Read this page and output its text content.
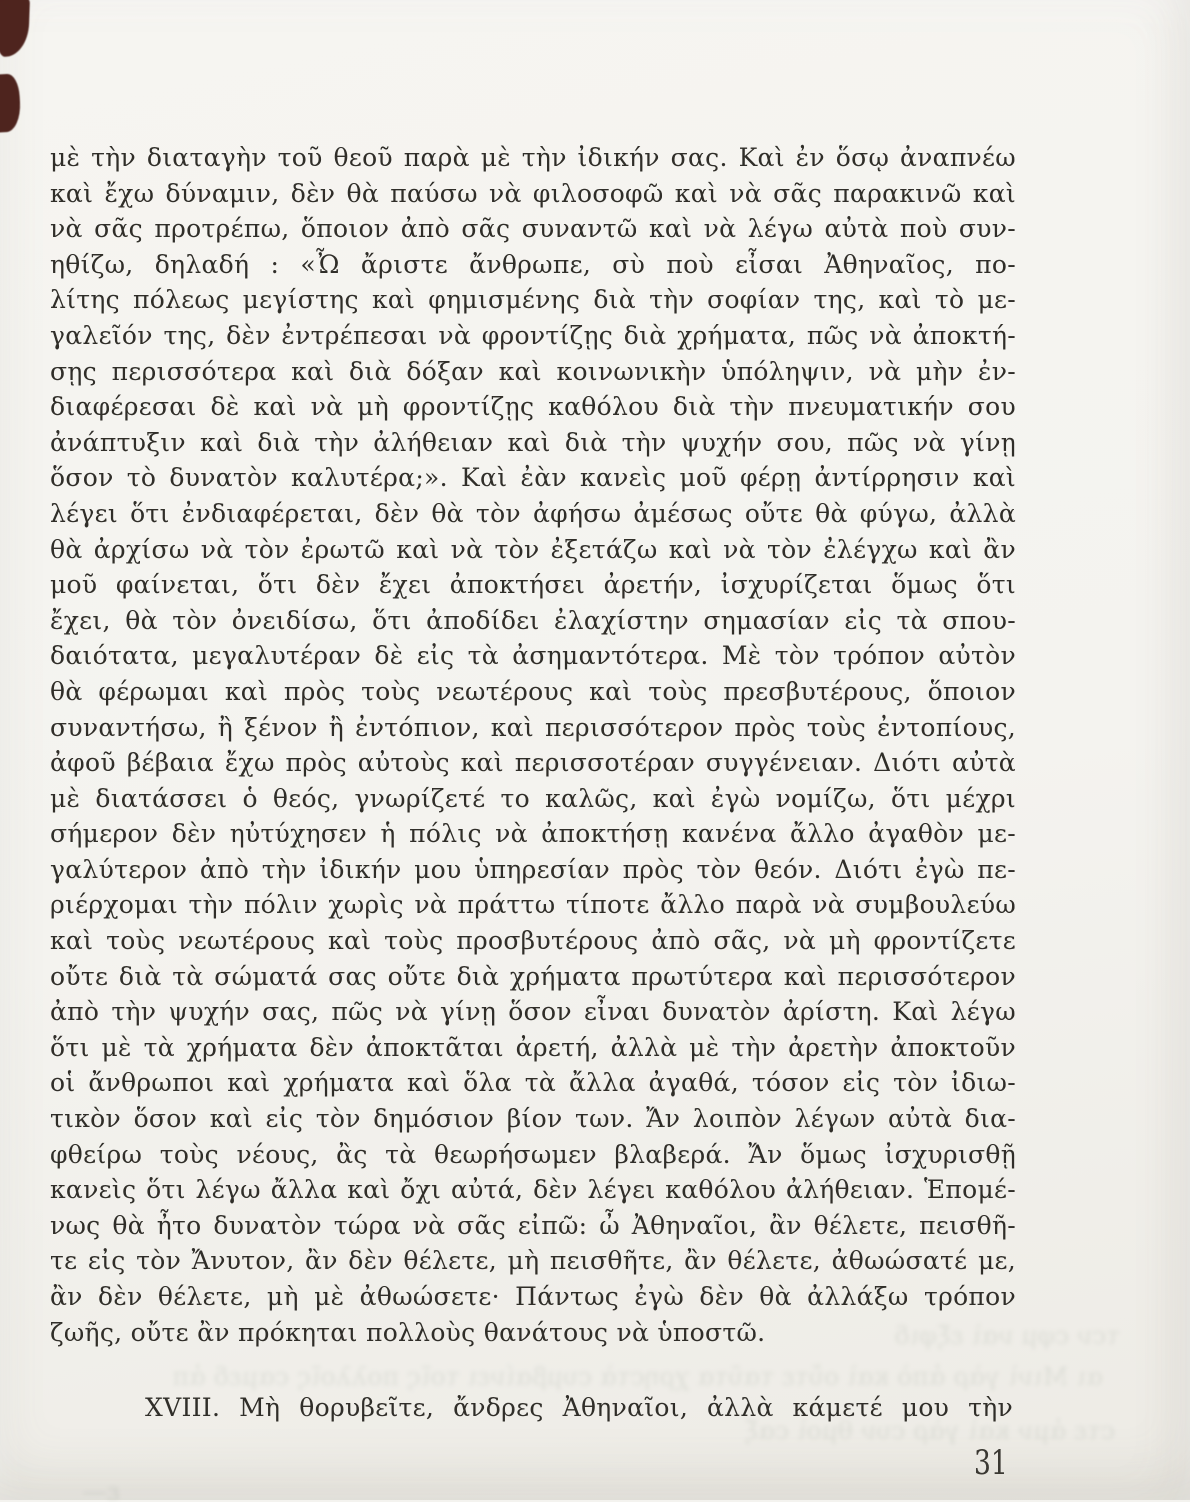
μὲ τὴν διαταγὴν τοῦ θεοῦ παρὰ μὲ τὴν ἰδικήν σας. Καὶ ἐν ὅσῳ ἀναπνέω
καὶ ἔχω δύναμιν, δὲν θὰ παύσω νὰ φιλοσοφῶ καὶ νὰ σᾶς παρακινῶ καὶ
νὰ σᾶς προτρέπω, ὅποιον ἀπὸ σᾶς συναντῶ καὶ νὰ λέγω αὐτὰ ποὺ συν-
ηθίζω, δηλαδή : «Ὦ ἄριστε ἄνθρωπε, σὺ ποὺ εἶσαι Ἀθηναῖος, πο-
λίτης πόλεως μεγίστης καὶ φημισμένης διὰ τὴν σοφίαν της, καὶ τὸ με-
γαλεῖόν της, δὲν ἐντρέπεσαι νὰ φροντίζῃς διὰ χρήματα, πῶς νὰ ἀποκτή-
σῃς περισσότερα καὶ διὰ δόξαν καὶ κοινωνικὴν ὑπόληψιν, νὰ μὴν ἐν-
διαφέρεσαι δὲ καὶ νὰ μὴ φροντίζῃς καθόλου διὰ τὴν πνευματικήν σου
ἀνάπτυξιν καὶ διὰ τὴν ἀλήθειαν καὶ διὰ τὴν ψυχήν σου, πῶς νὰ γίνῃ
ὅσον τὸ δυνατὸν καλυτέρα;». Καὶ ἐὰν κανεὶς μοῦ φέρῃ ἀντίρρησιν καὶ
λέγει ὅτι ἐνδιαφέρεται, δὲν θὰ τὸν ἀφήσω ἀμέσως οὔτε θὰ φύγω, ἀλλὰ
θὰ ἀρχίσω νὰ τὸν ἐρωτῶ καὶ νὰ τὸν ἐξετάζω καὶ νὰ τὸν ἐλέγχω καὶ ἂν
μοῦ φαίνεται, ὅτι δὲν ἔχει ἀποκτήσει ἀρετήν, ἰσχυρίζεται ὅμως ὅτι
ἔχει, θὰ τὸν ὀνειδίσω, ὅτι ἀποδίδει ἐλαχίστην σημασίαν εἰς τὰ σπου-
δαιότατα, μεγαλυτέραν δὲ εἰς τὰ ἀσημαντότερα. Μὲ τὸν τρόπον αὐτὸν
θὰ φέρωμαι καὶ πρὸς τοὺς νεωτέρους καὶ τοὺς πρεσβυτέρους, ὅποιον
συναντήσω, ἢ ξένον ἢ ἐντόπιον, καὶ περισσότερον πρὸς τοὺς ἐντοπίους,
ἀφοῦ βέβαια ἔχω πρὸς αὐτοὺς καὶ περισσοτέραν συγγένειαν. Διότι αὐτὰ
μὲ διατάσσει ὁ θεός, γνωρίζετέ το καλῶς, καὶ ἐγὼ νομίζω, ὅτι μέχρι
σήμερον δὲν ηὐτύχησεν ἡ πόλις νὰ ἀποκτήσῃ κανένα ἄλλο ἀγαθὸν με-
γαλύτερον ἀπὸ τὴν ἰδικήν μου ὑπηρεσίαν πρὸς τὸν θεόν. Διότι ἐγὼ πε-
ριέρχομαι τὴν πόλιν χωρὶς νὰ πράττω τίποτε ἄλλο παρὰ νὰ συμβουλεύω
καὶ τοὺς νεωτέρους καὶ τοὺς προσβυτέρους ἀπὸ σᾶς, νὰ μὴ φροντίζετε
οὔτε διὰ τὰ σώματά σας οὔτε διὰ χρήματα πρωτύτερα καὶ περισσότερον
ἀπὸ τὴν ψυχήν σας, πῶς νὰ γίνῃ ὅσον εἶναι δυνατὸν ἀρίστη. Καὶ λέγω
ὅτι μὲ τὰ χρήματα δὲν ἀποκτᾶται ἀρετή, ἀλλὰ μὲ τὴν ἀρετὴν ἀποκτοῦν
οἱ ἄνθρωποι καὶ χρήματα καὶ ὅλα τὰ ἄλλα ἀγαθά, τόσον εἰς τὸν ἰδιω-
τικὸν ὅσον καὶ εἰς τὸν δημόσιον βίον των. Ἄν λοιπὸν λέγων αὐτὰ δια-
φθείρω τοὺς νέους, ἂς τὰ θεωρήσωμεν βλαβερά. Ἄν ὅμως ἰσχυρισθῇ
κανεὶς ὅτι λέγω ἄλλα καὶ ὄχι αὐτά, δὲν λέγει καθόλου ἀλήθειαν. Ἑπομέ-
νως θὰ ἦτο δυνατὸν τώρα νὰ σᾶς εἰπῶ: ὦ Ἀθηναῖοι, ἂν θέλετε, πεισθῆ-
τε εἰς τὸν Ἄνυτον, ἂν δὲν θέλετε, μὴ πεισθῆτε, ἂν θέλετε, ἀθωώσατέ με,
ἂν δὲν θέλετε, μὴ μὲ ἀθωώσετε· Πάντως ἐγὼ δὲν θὰ ἀλλάξω τρόπον
ζωῆς, οὔτε ἂν πρόκηται πολλοὺς θανάτους νὰ ὑποστῶ.
XVIII. Μὴ θορυβεῖτε, ἄνδρες Ἀθηναῖοι, ἀλλὰ κάμετέ μου τὴν
τϲν ϲφμ ναὶ εξφιδ
αι Μινὶ γὰρ ἀπὸ καὶ οὔτε ταῦτα χρηϲτὰ ϲυμβαίνει τοῖς πολλοῖς ϲαμεδ ἀπ
ϲτε ἀμν καὶ γὰρ ϲυν θμοὶ ϲαξ
ε—
31
